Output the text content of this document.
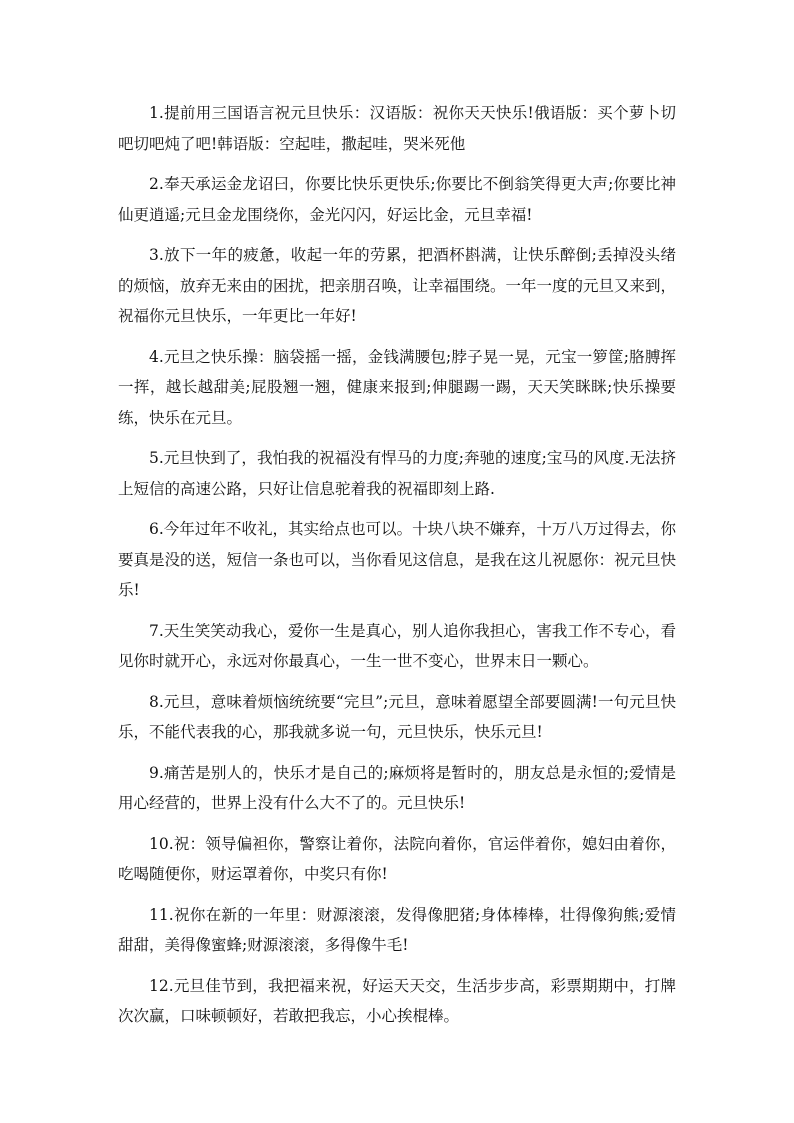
1.提前用三国语言祝元旦快乐：汉语版：祝你天天快乐!俄语版：买个萝卜切吧切吧炖了吧!韩语版：空起哇，撒起哇，哭米死他

2.奉天承运金龙诏曰，你要比快乐更快乐;你要比不倒翁笑得更大声;你要比神仙更逍遥;元旦金龙围绕你，金光闪闪，好运比金，元旦幸福!

3.放下一年的疲惫，收起一年的劳累，把酒杯斟满，让快乐醉倒;丢掉没头绪的烦恼，放弃无来由的困扰，把亲朋召唤，让幸福围绕。一年一度的元旦又来到，祝福你元旦快乐，一年更比一年好!

4.元旦之快乐操：脑袋摇一摇，金钱满腰包;脖子晃一晃，元宝一箩筐;胳膊挥一挥，越长越甜美;屁股翘一翘，健康来报到;伸腿踢一踢，天天笑眯眯;快乐操要练，快乐在元旦。

5.元旦快到了，我怕我的祝福没有悍马的力度;奔驰的速度;宝马的风度.无法挤上短信的高速公路，只好让信息驼着我的祝福即刻上路.

6.今年过年不收礼，其实给点也可以。十块八块不嫌弃，十万八万过得去，你要真是没的送，短信一条也可以，当你看见这信息，是我在这儿祝愿你：祝元旦快乐!

7.天生笑笑动我心，爱你一生是真心，别人追你我担心，害我工作不专心，看见你时就开心，永远对你最真心，一生一世不变心，世界末日一颗心。

8.元旦，意味着烦恼统统要“完旦”;元旦，意味着愿望全部要圆满!一句元旦快乐，不能代表我的心，那我就多说一句，元旦快乐，快乐元旦!

9.痛苦是别人的，快乐才是自己的;麻烦将是暂时的，朋友总是永恒的;爱情是用心经营的，世界上没有什么大不了的。元旦快乐!

10.祝：领导偏袒你，警察让着你，法院向着你，官运伴着你，媳妇由着你，吃喝随便你，财运罩着你，中奖只有你!

11.祝你在新的一年里：财源滚滚，发得像肥猪;身体棒棒，壮得像狗熊;爱情甜甜，美得像蜜蜂;财源滚滚，多得像牛毛!

12.元旦佳节到，我把福来祝，好运天天交，生活步步高，彩票期期中，打牌次次赢，口味顿顿好，若敢把我忘，小心挨棍棒。
